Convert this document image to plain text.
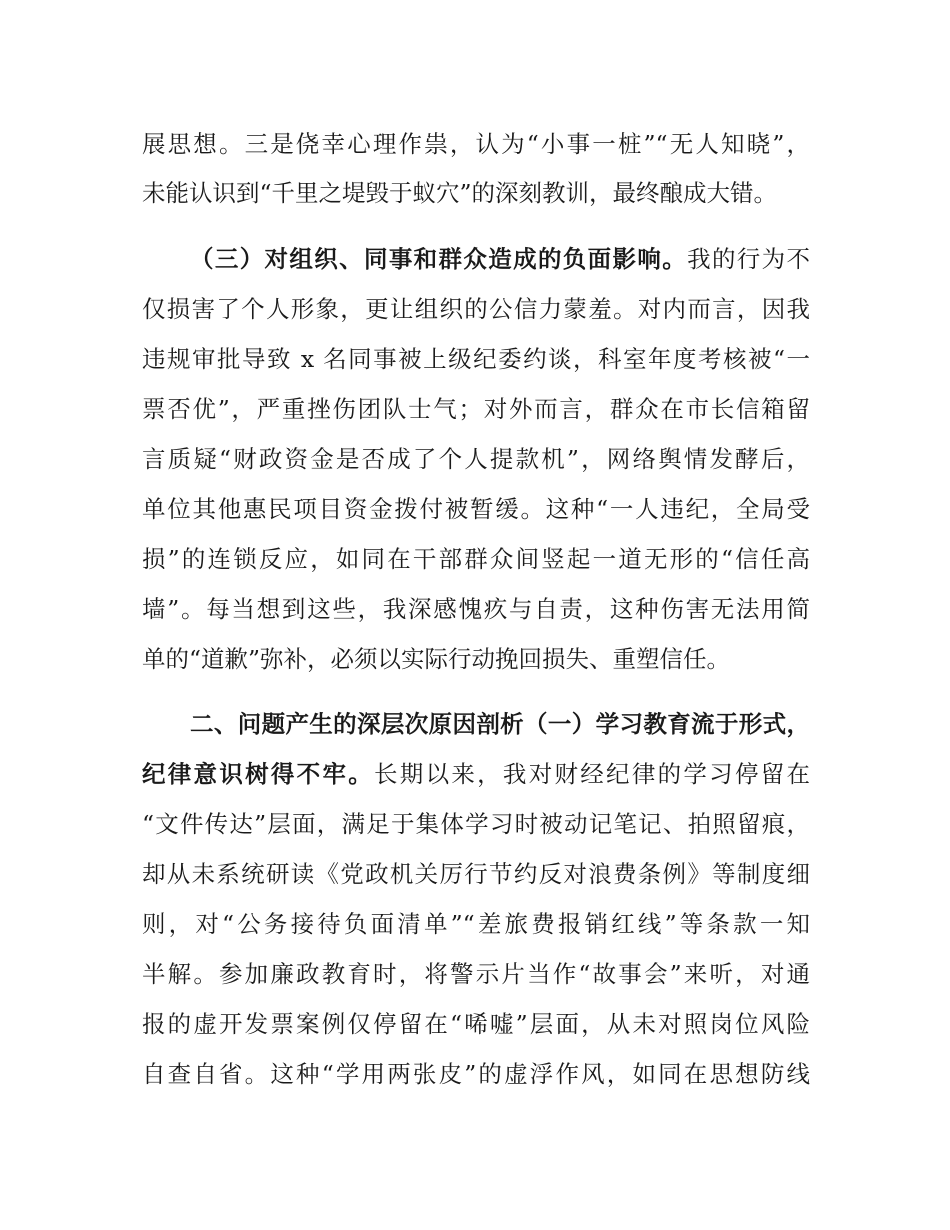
展思想。三是侥幸心理作祟，认为“小事一桩”“无人知晓”，
未能认识到“千里之堤毁于蚁穴”的深刻教训，最终酿成大错。
（三）对组织、同事和群众造成的负面影响。我的行为不
仅损害了个人形象，更让组织的公信力蒙羞。对内而言，因我
违规审批导致 x 名同事被上级纪委约谈，科室年度考核被“一
票否优”，严重挫伤团队士气；对外而言，群众在市长信箱留
言质疑“财政资金是否成了个人提款机”，网络舆情发酵后，
单位其他惠民项目资金拨付被暂缓。这种“一人违纪，全局受
损”的连锁反应，如同在干部群众间竖起一道无形的“信任高
墙”。每当想到这些，我深感愧疚与自责，这种伤害无法用简
单的“道歉”弥补，必须以实际行动挽回损失、重塑信任。
二、问题产生的深层次原因剖析（一）学习教育流于形式，
纪律意识树得不牢。长期以来，我对财经纪律的学习停留在
“文件传达”层面，满足于集体学习时被动记笔记、拍照留痕，
却从未系统研读《党政机关厉行节约反对浪费条例》等制度细
则，对“公务接待负面清单”“差旅费报销红线”等条款一知
半解。参加廉政教育时，将警示片当作“故事会”来听，对通
报的虚开发票案例仅停留在“唏嘘”层面，从未对照岗位风险
自查自省。这种“学用两张皮”的虚浮作风，如同在思想防线
